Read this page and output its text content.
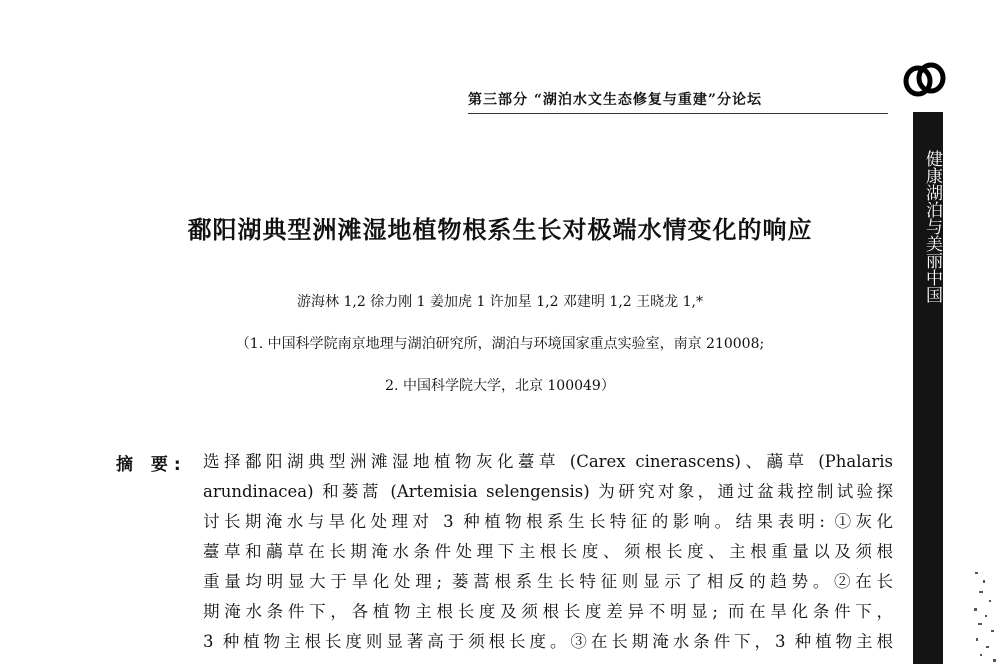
第三部分 “湖泊水文生态修复与重建”分论坛
健康湖泊与美丽中国
鄱阳湖典型洲滩湿地植物根系生长对极端水情变化的响应
游海林 1,2 徐力刚 1 姜加虎 1 许加星 1,2 邓建明 1,2 王晓龙 1,*
（1. 中国科学院南京地理与湖泊研究所，湖泊与环境国家重点实验室，南京 210008;
2. 中国科学院大学，北京 100049）
摘 要: 选择鄱阳湖典型洲滩湿地植物灰化薹草 (Carex cinerascens)、虉草 (Phalaris
arundinacea) 和蒌蒿 (Artemisia selengensis) 为研究对象，通过盆栽控制试验探
讨长期淹水与旱化处理对 3 种植物根系生长特征的影响。结果表明: ①灰化
薹草和虉草在长期淹水条件处理下主根长度、须根长度、主根重量以及须根
重量均明显大于旱化处理; 蒌蒿根系生长特征则显示了相反的趋势。②在长
期淹水条件下，各植物主根长度及须根长度差异不明显; 而在旱化条件下，
3 种植物主根长度则显著高于须根长度。③在长期淹水条件下，3 种植物主根
